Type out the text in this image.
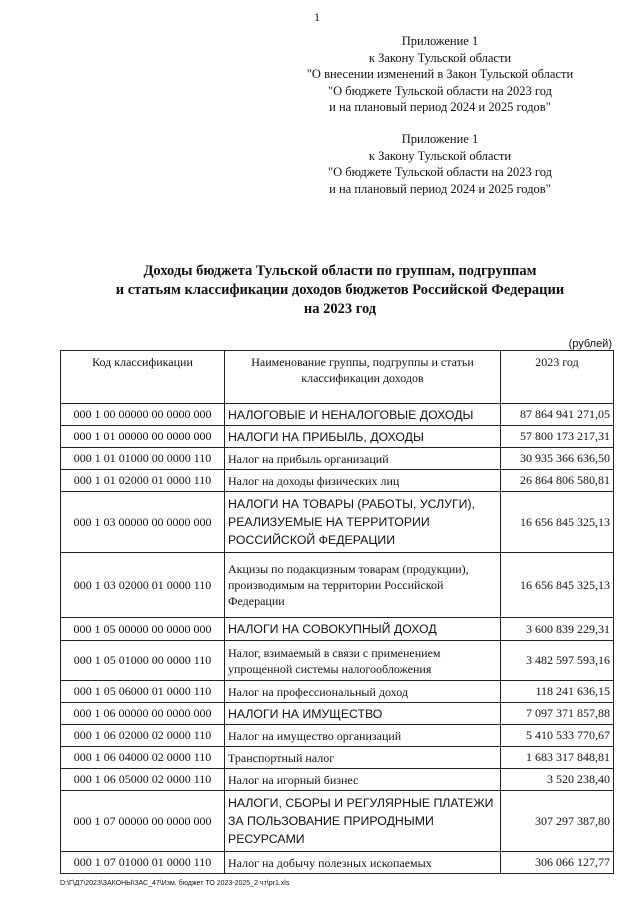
1
Приложение 1
к Закону Тульской области
"О внесении изменений в Закон Тульской области
"О бюджете Тульской области на 2023 год
и на плановый период 2024 и 2025 годов"
Приложение 1
к Закону Тульской области
"О бюджете Тульской области на 2023 год
и на плановый период 2024 и 2025 годов"
Доходы бюджета Тульской области по группам, подгруппам
и статьям классификации доходов бюджетов Российской Федерации
на 2023 год
(рублей)
Код классификации	Наименование группы, подгруппы и статьи классификации доходов	2023 год
000 1 00 00000 00 0000 000	НАЛОГОВЫЕ И НЕНАЛОГОВЫЕ ДОХОДЫ	87 864 941 271,05
000 1 01 00000 00 0000 000	НАЛОГИ НА ПРИБЫЛЬ, ДОХОДЫ	57 800 173 217,31
000 1 01 01000 00 0000 110	Налог на прибыль организаций	30 935 366 636,50
000 1 01 02000 01 0000 110	Налог на доходы физических лиц	26 864 806 580,81
000 1 03 00000 00 0000 000	НАЛОГИ НА ТОВАРЫ (РАБОТЫ, УСЛУГИ), РЕАЛИЗУЕМЫЕ НА ТЕРРИТОРИИ РОССИЙСКОЙ ФЕДЕРАЦИИ	16 656 845 325,13
000 1 03 02000 01 0000 110	Акцизы по подакцизным товарам (продукции), производимым на территории Российской Федерации	16 656 845 325,13
000 1 05 00000 00 0000 000	НАЛОГИ НА СОВОКУПНЫЙ ДОХОД	3 600 839 229,31
000 1 05 01000 00 0000 110	Налог, взимаемый в связи с применением упрощенной системы налогообложения	3 482 597 593,16
000 1 05 06000 01 0000 110	Налог на профессиональный доход	118 241 636,15
000 1 06 00000 00 0000 000	НАЛОГИ НА ИМУЩЕСТВО	7 097 371 857,88
000 1 06 02000 02 0000 110	Налог на имущество организаций	5 410 533 770,67
000 1 06 04000 02 0000 110	Транспортный налог	1 683 317 848,81
000 1 06 05000 02 0000 110	Налог на игорный бизнес	3 520 238,40
000 1 07 00000 00 0000 000	НАЛОГИ, СБОРЫ И РЕГУЛЯРНЫЕ ПЛАТЕЖИ ЗА ПОЛЬЗОВАНИЕ ПРИРОДНЫМИ РЕСУРСАМИ	307 297 387,80
000 1 07 01000 01 0000 110	Налог на добычу полезных ископаемых	306 066 127,77
D:\Г\Д7\2023\ЗАКОНЫ\ЗАС_47\Изм. бюджет ТО 2023-2025_2 чт\pr1.xls
